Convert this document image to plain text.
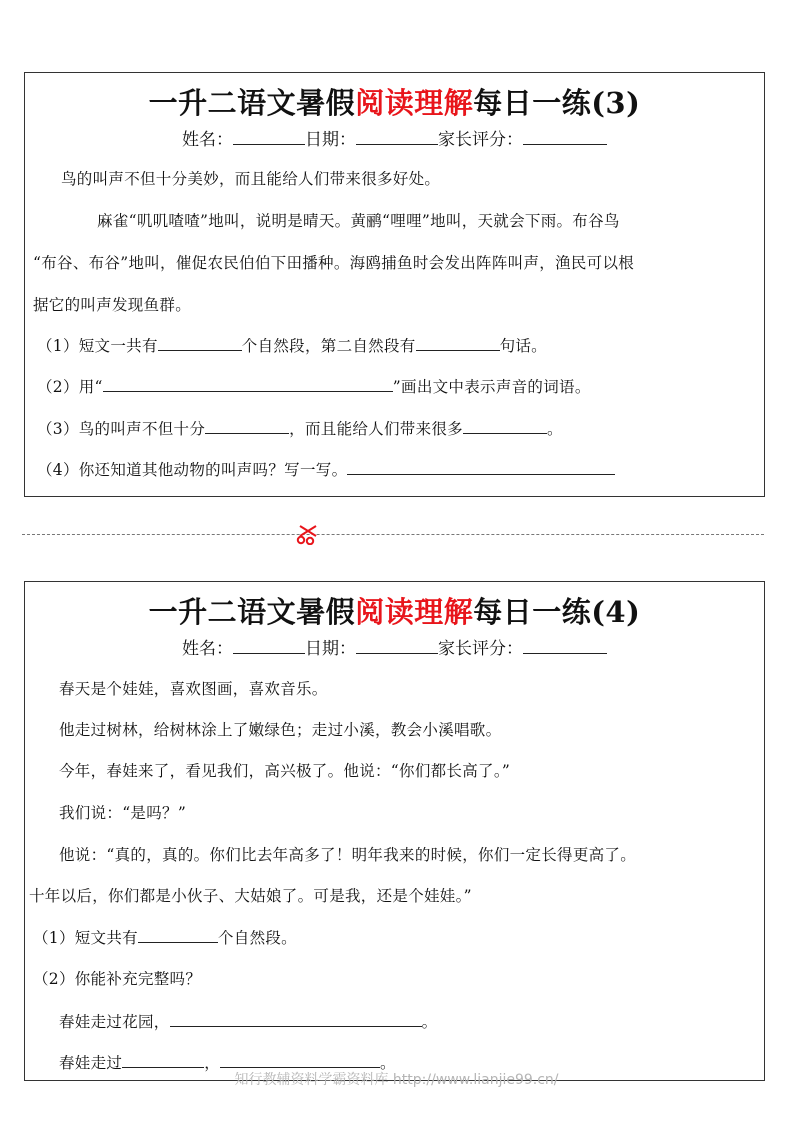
一升二语文暑假阅读理解每日一练(3)
姓名：	日期：	家长评分：
鸟的叫声不但十分美妙，而且能给人们带来很多好处。
麻雀“叽叽喳喳”地叫，说明是晴天。黄鹂“哩哩”地叫，天就会下雨。布谷鸟
“布谷、布谷”地叫，催促农民伯伯下田播种。海鸥捕鱼时会发出阵阵叫声，渔民可以根
据它的叫声发现鱼群。
（1）短文一共有	个自然段，第二自然段有	句话。
（2）用“	”画出文中表示声音的词语。
（3）鸟的叫声不但十分	，而且能给人们带来很多	。
（4）你还知道其他动物的叫声吗？写一写。
一升二语文暑假阅读理解每日一练(4)
姓名：	日期：	家长评分：
春天是个娃娃，喜欢图画，喜欢音乐。
他走过树林，给树林涂上了嫩绿色；走过小溪，教会小溪唱歌。
今年，春娃来了，看见我们，高兴极了。他说：“你们都长高了。”
我们说：“是吗？”
他说：“真的，真的。你们比去年高多了！明年我来的时候，你们一定长得更高了。
十年以后，你们都是小伙子、大姑娘了。可是我，还是个娃娃。”
（1）短文共有	个自然段。
（2）你能补充完整吗？
春娃走过花园，	。
春娃走过	，	。
知行教辅资料学霸资料库 http://www.lianjie99.cn/
